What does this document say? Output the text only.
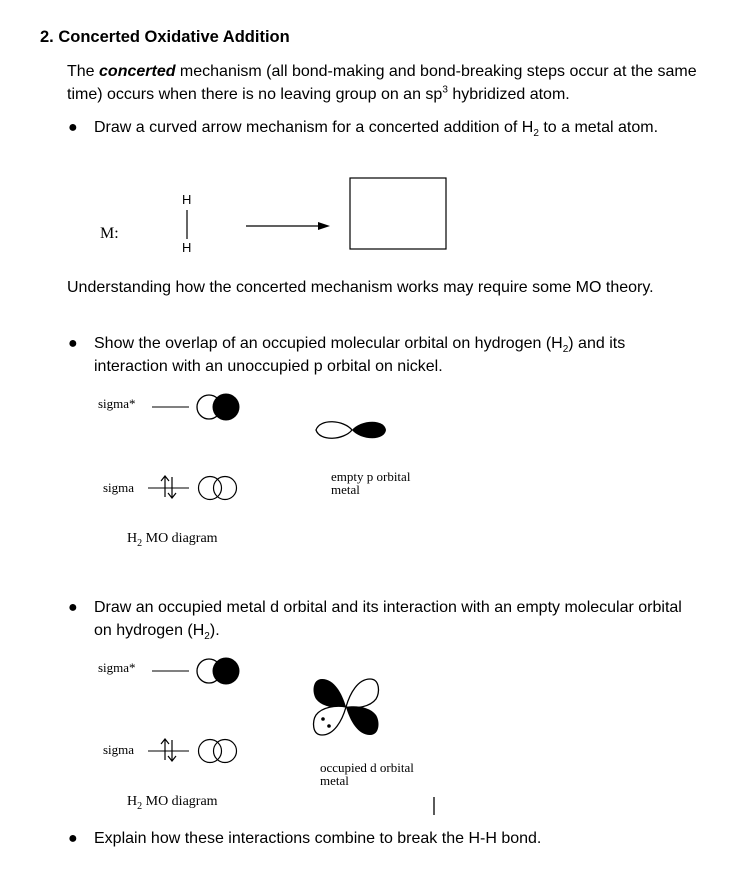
2. Concerted Oxidative Addition
The concerted mechanism (all bond-making and bond-breaking steps occur at the same time) occurs when there is no leaving group on an $sp^3$ hybridized atom.
● Draw a curved arrow mechanism for a concerted addition of $H_2$ to a metal atom.
M:
H
H
Understanding how the concerted mechanism works may require some MO theory.
● Show the overlap of an occupied molecular orbital on hydrogen $(H_2)$ and its interaction with an unoccupied p orbital on nickel.
sigma*
sigma
$H_2$ MO diagram
empty p orbital
metal
● Draw an occupied metal d orbital and its interaction with an empty molecular orbital on hydrogen $(H_2)$.
sigma*
sigma
$H_2$ MO diagram
occupied d orbital
metal
● Explain how these interactions combine to break the H-H bond.
